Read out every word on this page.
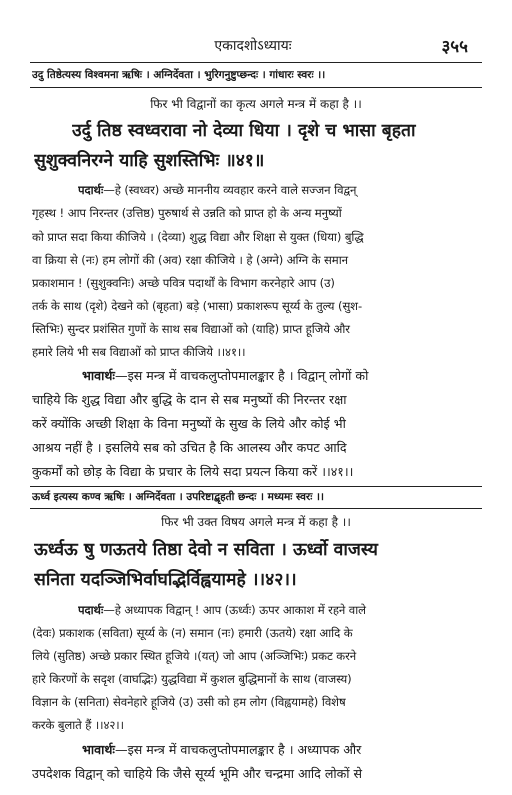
एकादशोऽध्यायः	३५५
उदु तिष्ठेत्यस्य विश्वमना ऋषिः । अग्निर्देवता । भुरिगनुष्टुप्छन्दः । गांधारः स्वरः ।।
फिर भी विद्वानों का कृत्य अगले मन्त्र में कहा है ।।
उर्दु तिष्ठ स्वध्वरावा नो देव्या धिया । दृशे च भासा बृहता
सुशुक्वनिरग्ने याहि सुशस्तिभिः ॥४१॥
पदार्थः—हे (स्वध्वर) अच्छे माननीय व्यवहार करने वाले सज्जन विद्वन्
गृहस्थ ! आप निरन्तर (उत्तिष्ठ) पुरुषार्थ से उन्नति को प्राप्त हो के अन्य मनुष्यों
को प्राप्त सदा किया कीजिये । (देव्या) शुद्ध विद्या और शिक्षा से युक्त (धिया) बुद्धि
वा क्रिया से (नः) हम लोगों की (अव) रक्षा कीजिये । हे (अग्ने) अग्नि के समान
प्रकाशमान ! (सुशुक्वनिः) अच्छे पवित्र पदार्थों के विभाग करनेहारे आप (उ)
तर्क के साथ (दृशे) देखने को (बृहता) बड़े (भासा) प्रकाशरूप सूर्य्य के तुल्य (सुश-
स्तिभिः) सुन्दर प्रशंसित गुणों के साथ सब विद्याओं को (याहि) प्राप्त हूजिये और
हमारे लिये भी सब विद्याओं को प्राप्त कीजिये ।।४१।।
भावार्थः—इस मन्त्र में वाचकलुप्तोपमालङ्कार है । विद्वान् लोगों को
चाहिये कि शुद्ध विद्या और बुद्धि के दान से सब मनुष्यों की निरन्तर रक्षा
करें क्योंकि अच्छी शिक्षा के विना मनुष्यों के सुख के लिये और कोई भी
आश्रय नहीं है । इसलिये सब को उचित है कि आलस्य और कपट आदि
कुकर्मों को छोड़ के विद्या के प्रचार के लिये सदा प्रयत्न किया करें ।।४१।।
ऊर्ध्व इत्यस्य कण्व ऋषिः । अग्निर्देवता । उपरिष्टाद्बृहती छन्दः । मध्यमः स्वरः ।।
फिर भी उक्त विषय अगले मन्त्र में कहा है ।।
ऊर्ध्वऊ षु णऊतये तिष्ठा देवो न सविता । ऊर्ध्वो वाजस्य
सनिता यदञ्जिभिर्वाघद्भिर्विह्वयामहे ।।४२।।
पदार्थः—हे अध्यापक विद्वान् ! आप (ऊर्ध्वः) ऊपर आकाश में रहने वाले
(देवः) प्रकाशक (सविता) सूर्य्य के (न) समान (नः) हमारी (ऊतये) रक्षा आदि के
लिये (सुतिष्ठ) अच्छे प्रकार स्थित हूजिये ।(यत्) जो आप (अञ्जिभिः) प्रकट करने
हारे किरणों के सदृश (वाघद्भिः) युद्धविद्या में कुशल बुद्धिमानों के साथ (वाजस्य)
विज्ञान के (सनिता) सेवनेहारे हूजिये (उ) उसी को हम लोग (विह्वयामहे) विशेष
करके बुलाते हैं ।।४२।।
भावार्थः—इस मन्त्र में वाचकलुप्तोपमालङ्कार है । अध्यापक और
उपदेशक विद्वान् को चाहिये कि जैसे सूर्य्य भूमि और चन्द्रमा आदि लोकों से
